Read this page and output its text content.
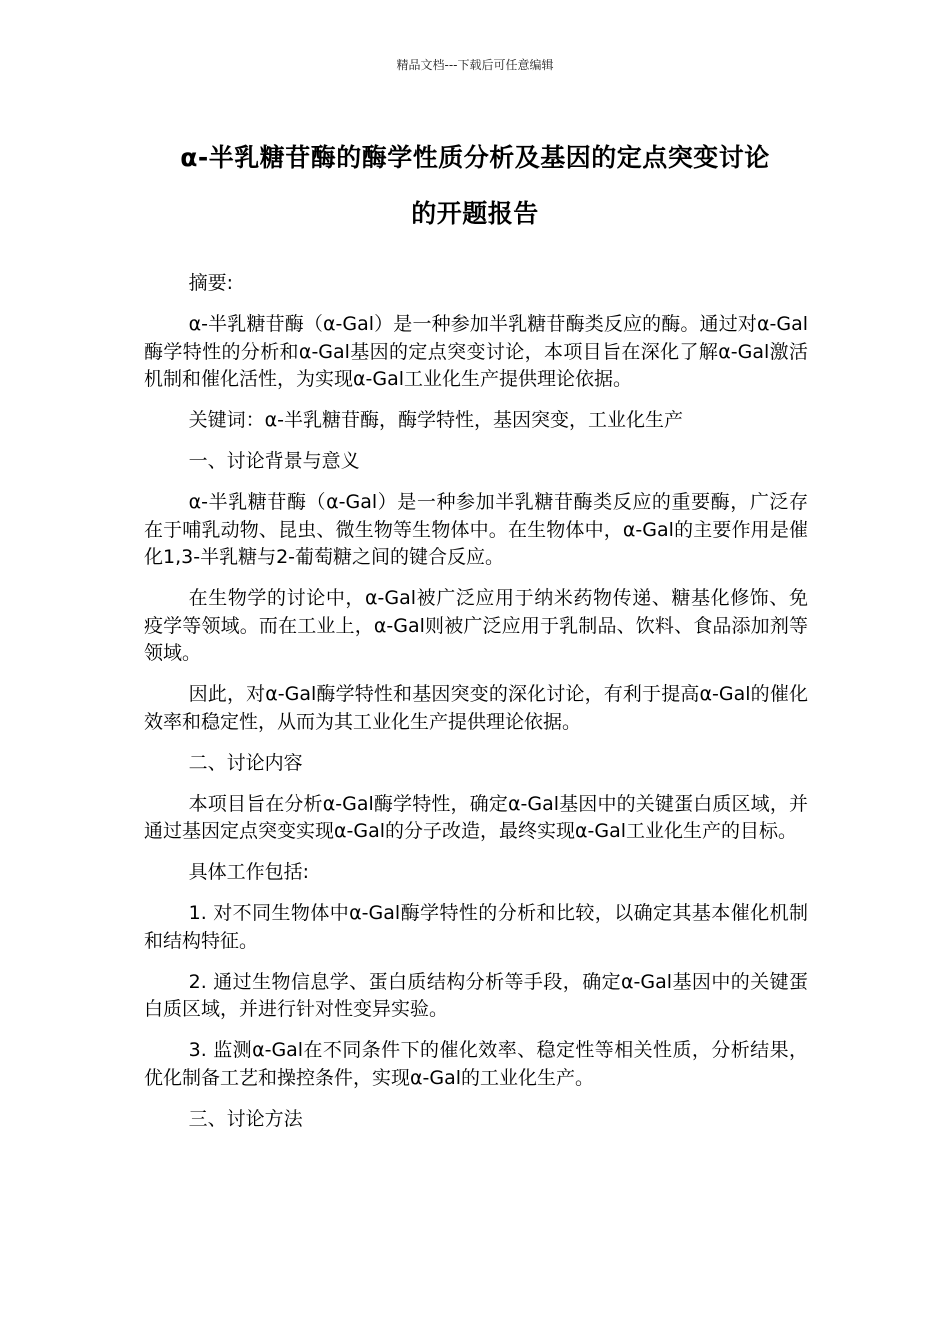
精品文档---下载后可任意编辑
α-半乳糖苷酶的酶学性质分析及基因的定点突变讨论
的开题报告

摘要:

α-半乳糖苷酶（α-Gal）是一种参加半乳糖苷酶类反应的酶。通过对α-Gal酶学特性的分析和α-Gal基因的定点突变讨论，本项目旨在深化了解α-Gal激活机制和催化活性，为实现α-Gal工业化生产提供理论依据。

关键词：α-半乳糖苷酶，酶学特性，基因突变，工业化生产

一、讨论背景与意义

α-半乳糖苷酶（α-Gal）是一种参加半乳糖苷酶类反应的重要酶，广泛存在于哺乳动物、昆虫、微生物等生物体中。在生物体中，α-Gal的主要作用是催化1,3-半乳糖与2-葡萄糖之间的键合反应。

在生物学的讨论中，α-Gal被广泛应用于纳米药物传递、糖基化修饰、免疫学等领域。而在工业上，α-Gal则被广泛应用于乳制品、饮料、食品添加剂等领域。

因此，对α-Gal酶学特性和基因突变的深化讨论，有利于提高α-Gal的催化效率和稳定性，从而为其工业化生产提供理论依据。

二、讨论内容

本项目旨在分析α-Gal酶学特性，确定α-Gal基因中的关键蛋白质区域，并通过基因定点突变实现α-Gal的分子改造，最终实现α-Gal工业化生产的目标。

具体工作包括:

1. 对不同生物体中α-Gal酶学特性的分析和比较，以确定其基本催化机制和结构特征。

2. 通过生物信息学、蛋白质结构分析等手段，确定α-Gal基因中的关键蛋白质区域，并进行针对性变异实验。

3. 监测α-Gal在不同条件下的催化效率、稳定性等相关性质，分析结果，优化制备工艺和操控条件，实现α-Gal的工业化生产。

三、讨论方法
